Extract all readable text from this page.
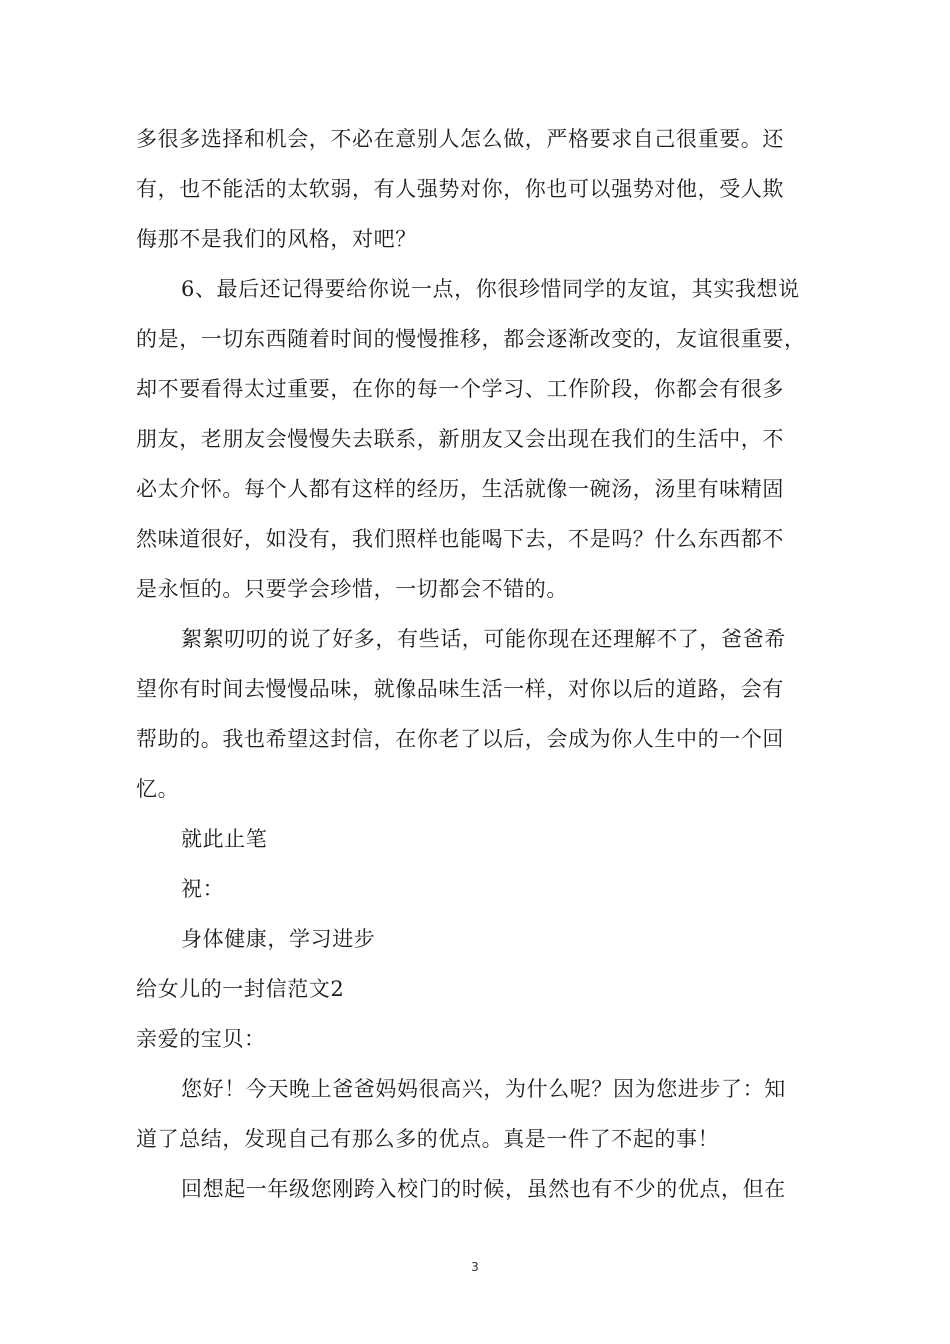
多很多选择和机会，不必在意别人怎么做，严格要求自己很重要。还
有，也不能活的太软弱，有人强势对你，你也可以强势对他，受人欺
侮那不是我们的风格，对吧？
6、最后还记得要给你说一点，你很珍惜同学的友谊，其实我想说
的是，一切东西随着时间的慢慢推移，都会逐渐改变的，友谊很重要，
却不要看得太过重要，在你的每一个学习、工作阶段，你都会有很多
朋友，老朋友会慢慢失去联系，新朋友又会出现在我们的生活中，不
必太介怀。每个人都有这样的经历，生活就像一碗汤，汤里有味精固
然味道很好，如没有，我们照样也能喝下去，不是吗？什么东西都不
是永恒的。只要学会珍惜，一切都会不错的。
絮絮叨叨的说了好多，有些话，可能你现在还理解不了，爸爸希
望你有时间去慢慢品味，就像品味生活一样，对你以后的道路，会有
帮助的。我也希望这封信，在你老了以后，会成为你人生中的一个回
忆。
就此止笔
祝：
身体健康，学习进步
给女儿的一封信范文2
亲爱的宝贝：
您好！今天晚上爸爸妈妈很高兴，为什么呢？因为您进步了：知
道了总结，发现自己有那么多的优点。真是一件了不起的事！
回想起一年级您刚跨入校门的时候，虽然也有不少的优点，但在
3
